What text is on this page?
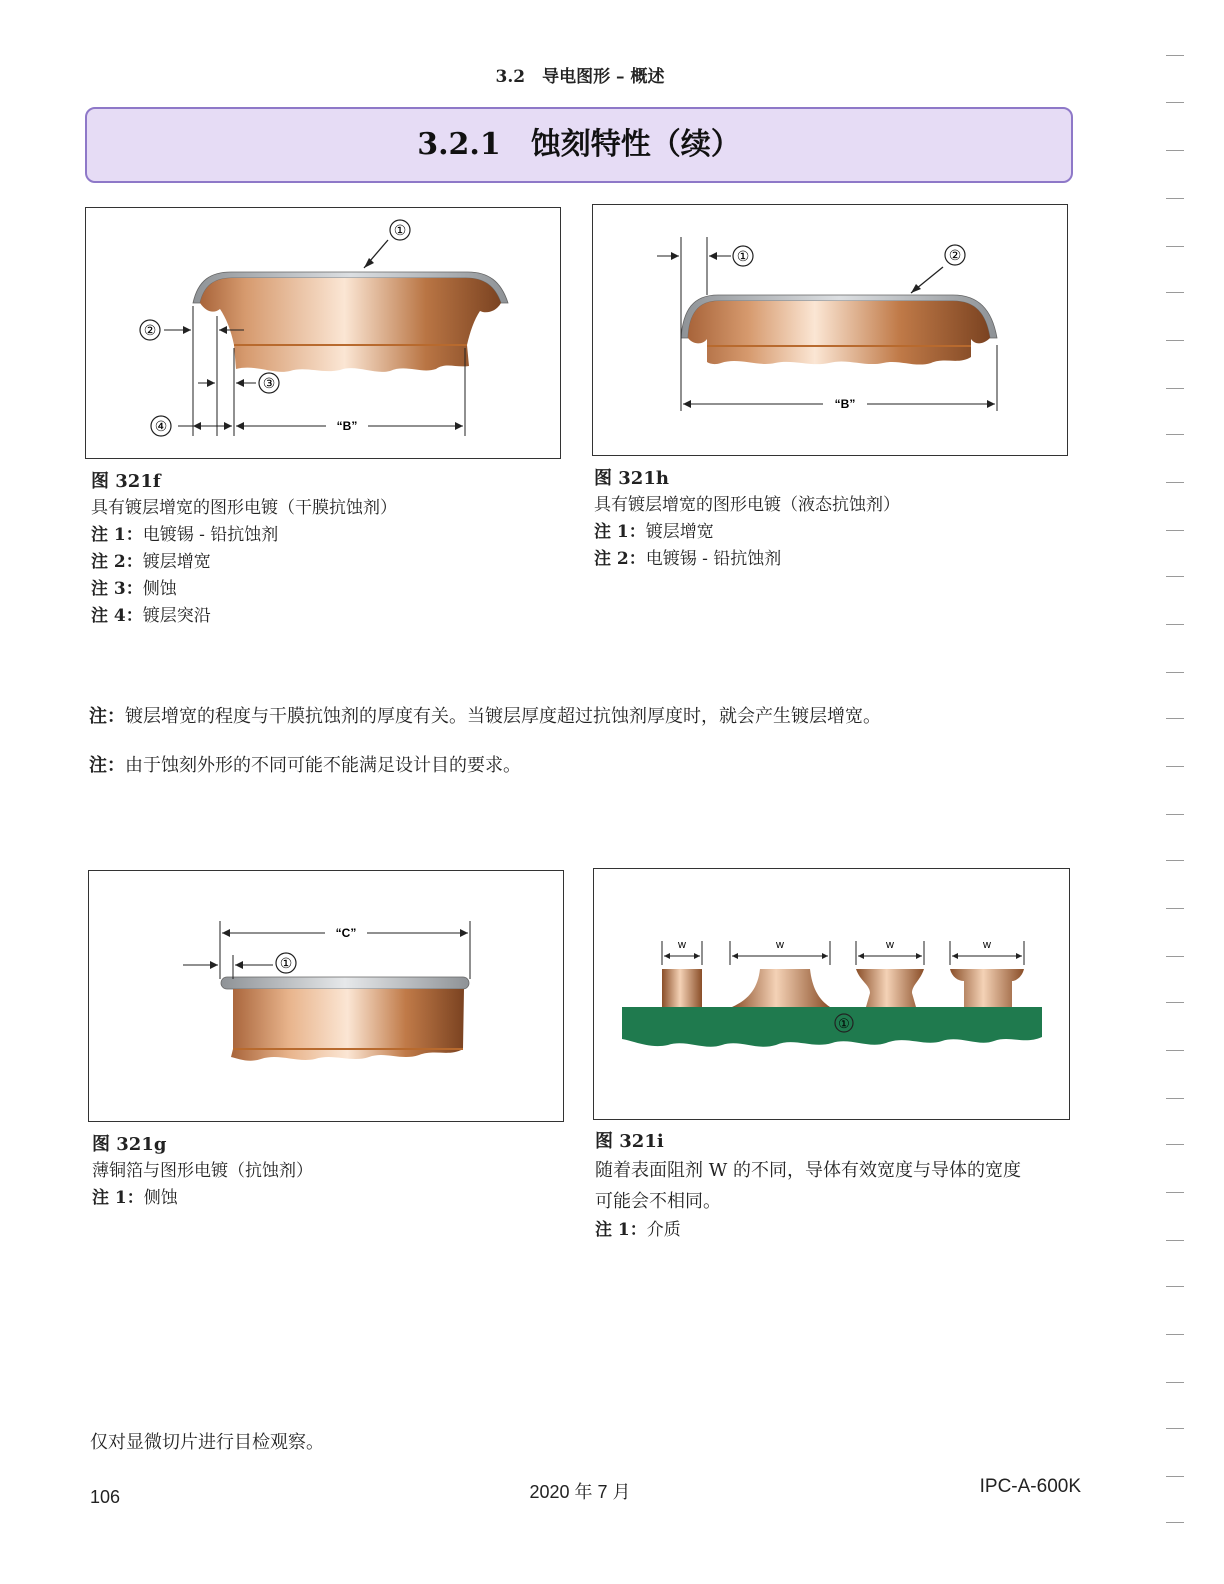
3.2　导电图形 – 概述
3.2.1　蚀刻特性（续）
①
②
③
④	“B”
图 321f
具有镀层增宽的图形电镀（干膜抗蚀剂）
注 1：电镀锡 - 铅抗蚀剂
注 2：镀层增宽
注 3：侧蚀
注 4：镀层突沿
①	②
“B”
图 321h
具有镀层增宽的图形电镀（液态抗蚀剂）
注 1：镀层增宽
注 2：电镀锡 - 铅抗蚀剂
注：镀层增宽的程度与干膜抗蚀剂的厚度有关。当镀层厚度超过抗蚀剂厚度时，就会产生镀层增宽。
注：由于蚀刻外形的不同可能不能满足设计目的要求。
①
“C”
图 321g
薄铜箔与图形电镀（抗蚀剂）
注 1：侧蚀
w	w	w	w
①
图 321i
随着表面阻剂 W 的不同，导体有效宽度与导体的宽度
可能会不相同。
注 1：介质
仅对显微切片进行目检观察。
106	2020 年 7 月	IPC-A-600K
